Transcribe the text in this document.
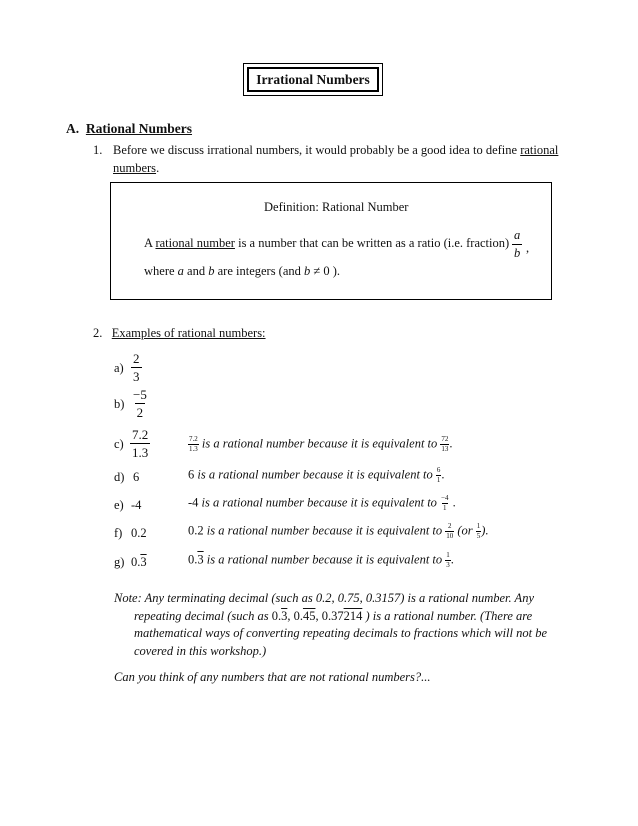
Irrational Numbers
A. Rational Numbers
1. Before we discuss irrational numbers, it would probably be a good idea to define rational numbers.
Definition: Rational Number
A rational number is a number that can be written as a ratio (i.e. fraction) $\frac{a}{b}$ ,
where a and b are integers (and b ≠ 0 ).
2. Examples of rational numbers:
$a) \frac{2}{3}$
$b) \frac{-5}{2}$
$c) \frac{7.2}{1.3}$	$\frac{7.2}{1.3}$ is a rational number because it is equivalent to $\frac{72}{13}$ .
d) 6	6 is a rational number because it is equivalent to $\frac{6}{1}$ .
e) -4	-4 is a rational number because it is equivalent to $\frac{-4}{1}$ .
f) 0.2	0.2 is a rational number because it is equivalent to $\frac{2}{10} (or \frac{1}{5}$ ).
g) 0.3	0.3 is a rational number because it is equivalent to $\frac{1}{3}$ .
Note: Any terminating decimal (such as 0.2, 0.75, 0.3157) is a rational number. Any
repeating decimal (such as 0.3, 0.45, 0.37214 ) is a rational number. (There are
mathematical ways of converting repeating decimals to fractions which will not be
covered in this workshop.)
Can you think of any numbers that are not rational numbers?...
